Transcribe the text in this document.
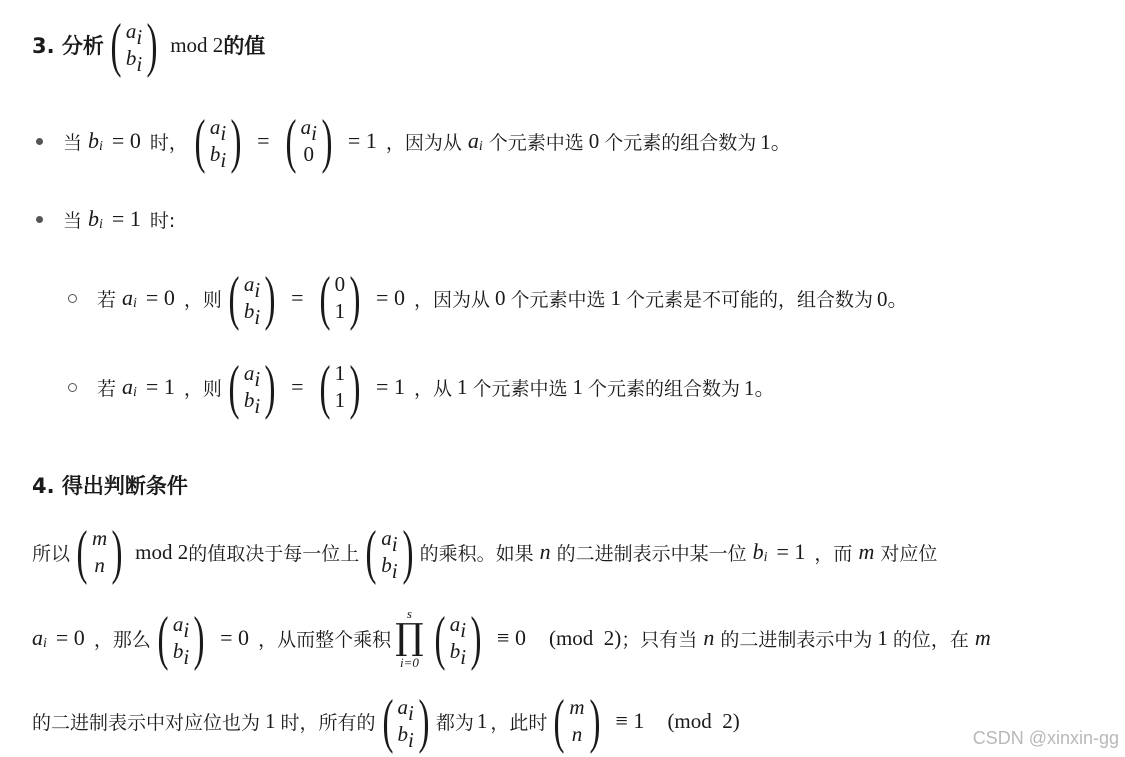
3. 分析 ( ai
bi ) mod 2 的值
当 b i = 0 时， ( ai
bi ) = ( ai
0 ) = 1 ，因为从 a i 个元素中选 0 个元素的组合数为 1。
当 b i = 1 时:
若 a i = 0 ，则 ( ai
bi ) = ( 0
1 ) = 0 ，因为从 0 个元素中选 1 个元素是不可能的，组合数为 0。
若 a i = 1 ，则 ( ai
bi ) = ( 1
1 ) = 1 ，从 1 个元素中选 1 个元素的组合数为 1。
4. 得出判断条件
所以 ( m
n ) mod 2 的值取决于每一位上 ( ai
bi ) 的乘积。如果 n 的二进制表示中某一位 b i = 1 ，而 m 对应位
a i = 0 ，那么 ( ai
bi ) = 0 ，从而整个乘积
s
∏
i=0 ( ai
bi ) ≡ 0 (mod  2) ；只有当 n 的二进制表示中为 1 的位，在 m
的二进制表示中对应位也为 1 时，所有的 ( ai
bi ) 都为 1 ，此时 ( m
n ) ≡ 1 (mod  2)
CSDN @xinxin-gg
